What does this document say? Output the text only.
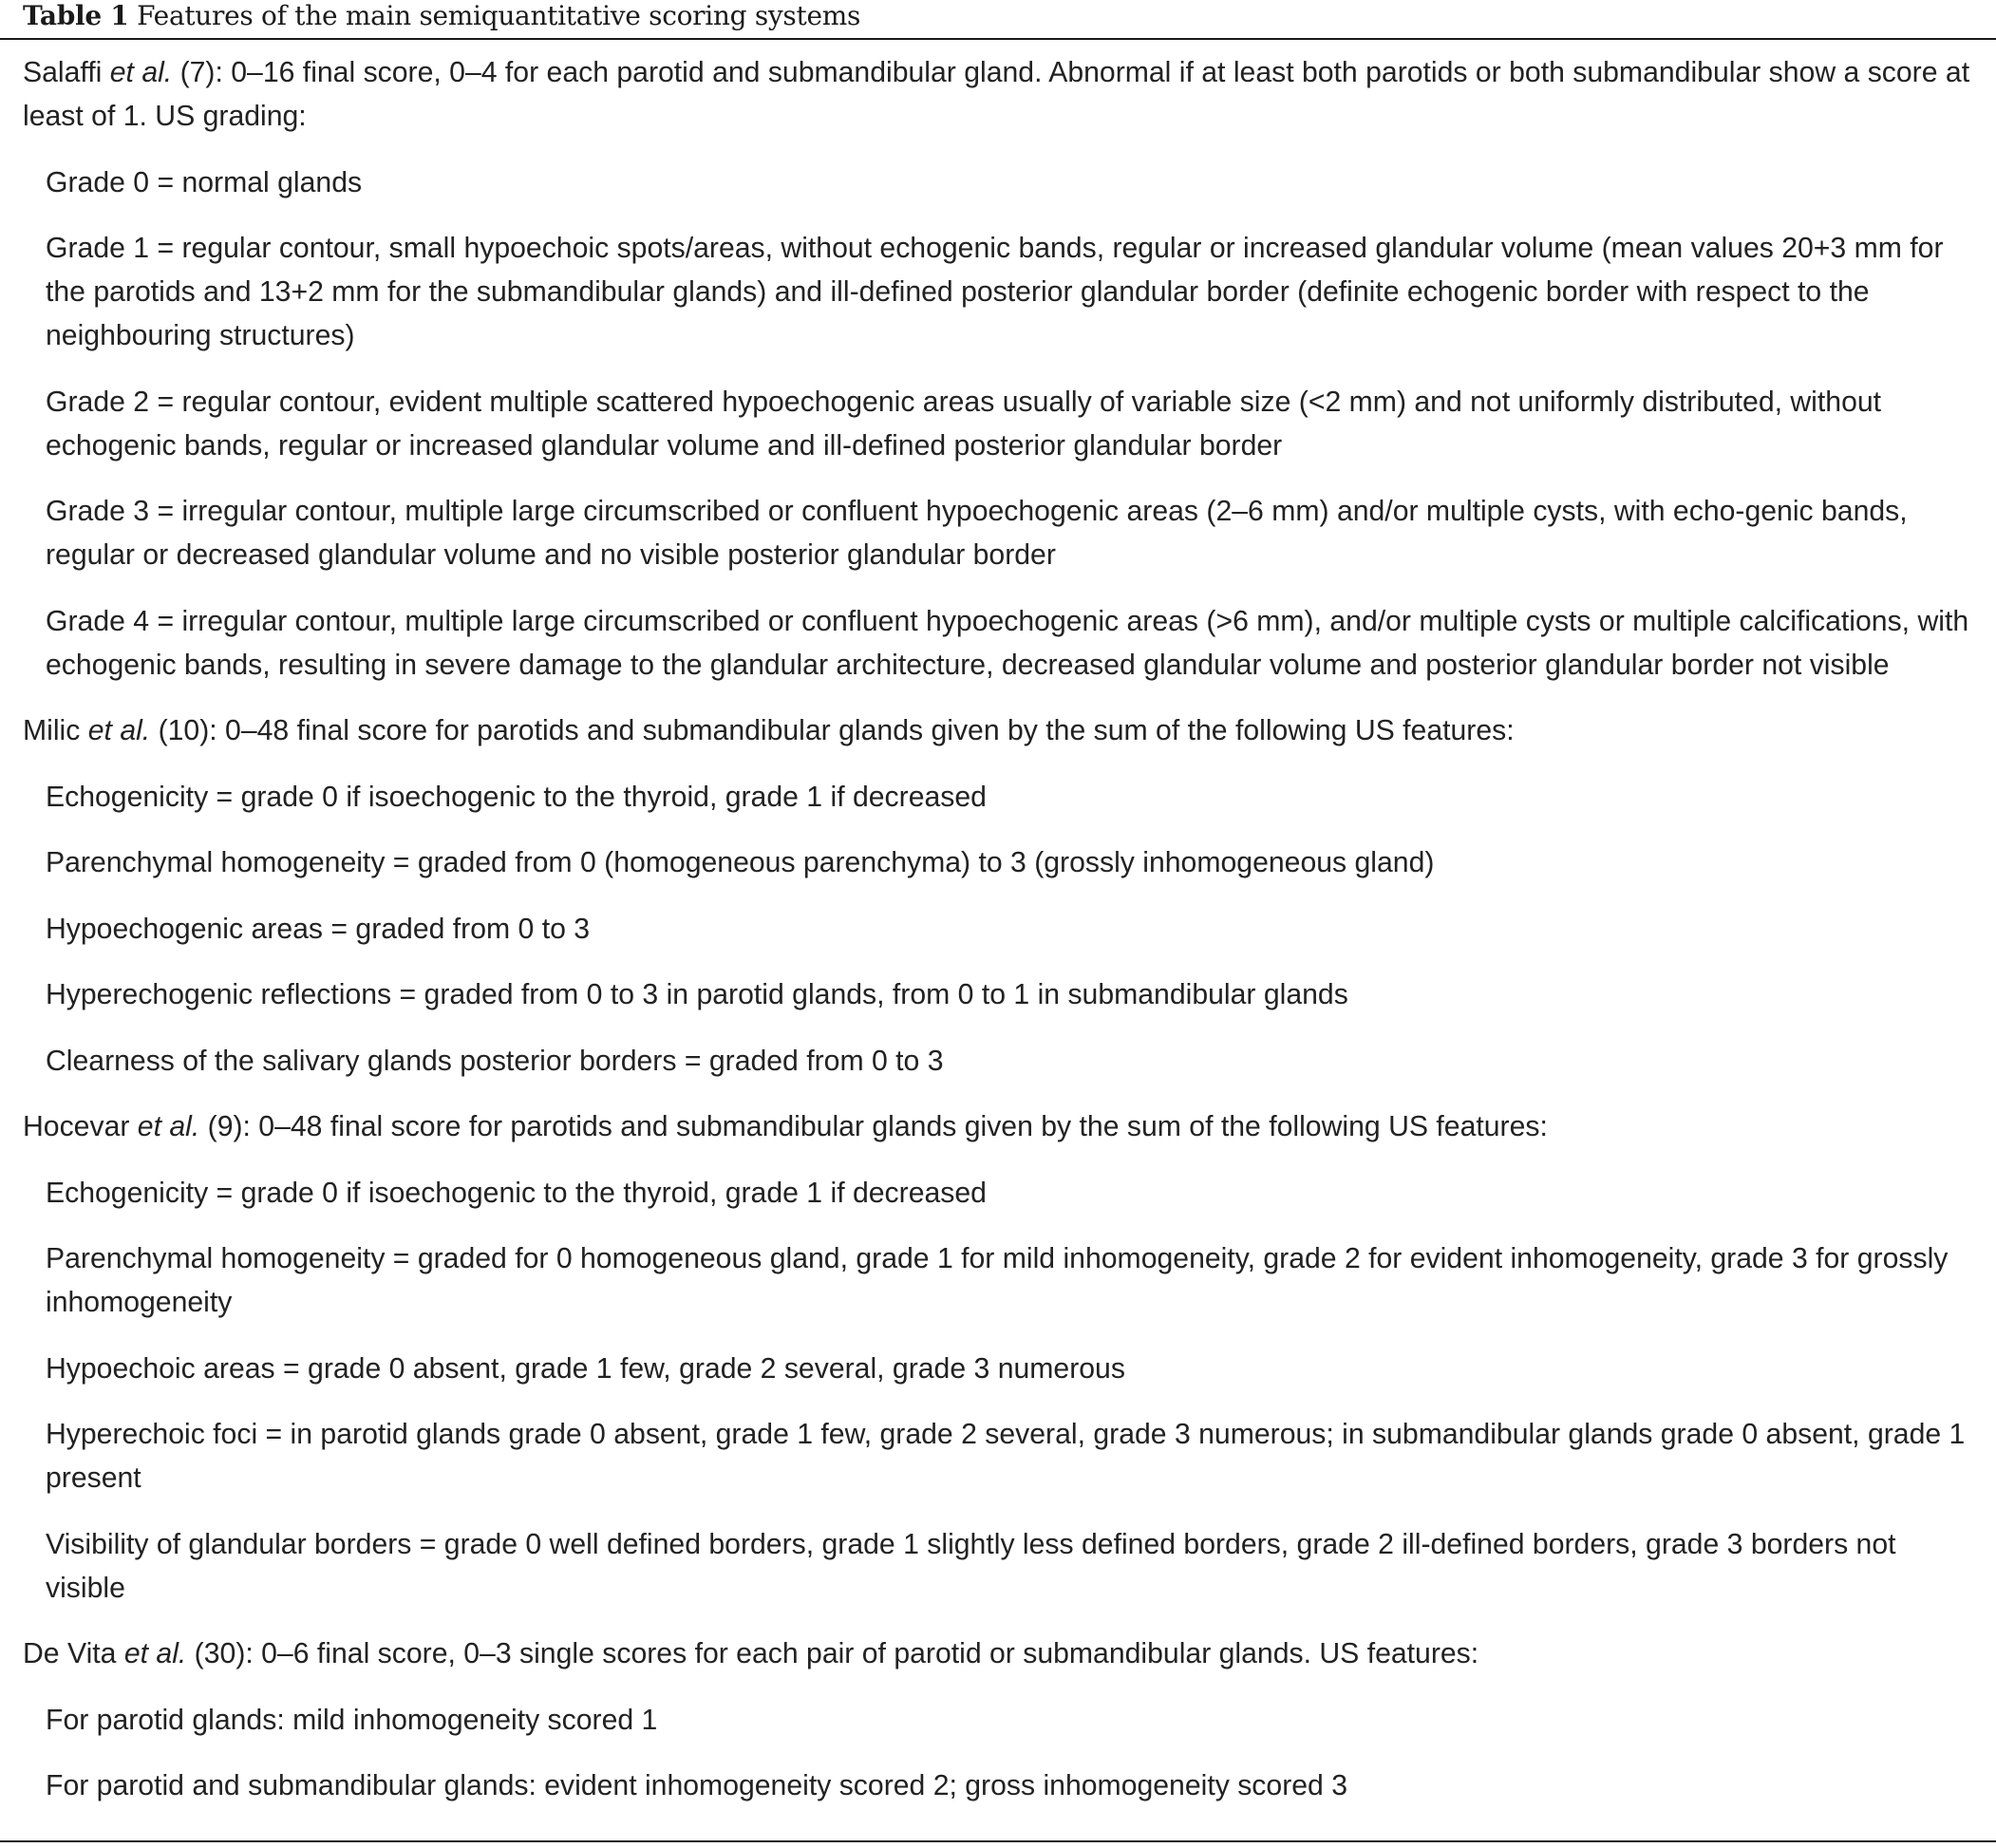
Table 1 Features of the main semiquantitative scoring systems
Salaffi et al. (7): 0–16 final score, 0–4 for each parotid and submandibular gland. Abnormal if at least both parotids or both submandibular show a score at least of 1. US grading:
Grade 0 = normal glands
Grade 1 = regular contour, small hypoechoic spots/areas, without echogenic bands, regular or increased glandular volume (mean values 20+3 mm for the parotids and 13+2 mm for the submandibular glands) and ill-defined posterior glandular border (definite echogenic border with respect to the neighbouring structures)
Grade 2 = regular contour, evident multiple scattered hypoechogenic areas usually of variable size (<2 mm) and not uniformly distributed, without echogenic bands, regular or increased glandular volume and ill-defined posterior glandular border
Grade 3 = irregular contour, multiple large circumscribed or confluent hypoechogenic areas (2–6 mm) and/or multiple cysts, with echo-genic bands, regular or decreased glandular volume and no visible posterior glandular border
Grade 4 = irregular contour, multiple large circumscribed or confluent hypoechogenic areas (>6 mm), and/or multiple cysts or multiple calcifications, with echogenic bands, resulting in severe damage to the glandular architecture, decreased glandular volume and posterior glandular border not visible
Milic et al. (10): 0–48 final score for parotids and submandibular glands given by the sum of the following US features:
Echogenicity = grade 0 if isoechogenic to the thyroid, grade 1 if decreased
Parenchymal homogeneity = graded from 0 (homogeneous parenchyma) to 3 (grossly inhomogeneous gland)
Hypoechogenic areas = graded from 0 to 3
Hyperechogenic reflections = graded from 0 to 3 in parotid glands, from 0 to 1 in submandibular glands
Clearness of the salivary glands posterior borders = graded from 0 to 3
Hocevar et al. (9): 0–48 final score for parotids and submandibular glands given by the sum of the following US features:
Echogenicity = grade 0 if isoechogenic to the thyroid, grade 1 if decreased
Parenchymal homogeneity = graded for 0 homogeneous gland, grade 1 for mild inhomogeneity, grade 2 for evident inhomogeneity, grade 3 for grossly inhomogeneity
Hypoechoic areas = grade 0 absent, grade 1 few, grade 2 several, grade 3 numerous
Hyperechoic foci = in parotid glands grade 0 absent, grade 1 few, grade 2 several, grade 3 numerous; in submandibular glands grade 0 absent, grade 1 present
Visibility of glandular borders = grade 0 well defined borders, grade 1 slightly less defined borders, grade 2 ill-defined borders, grade 3 borders not visible
De Vita et al. (30): 0–6 final score, 0–3 single scores for each pair of parotid or submandibular glands. US features:
For parotid glands: mild inhomogeneity scored 1
For parotid and submandibular glands: evident inhomogeneity scored 2; gross inhomogeneity scored 3
